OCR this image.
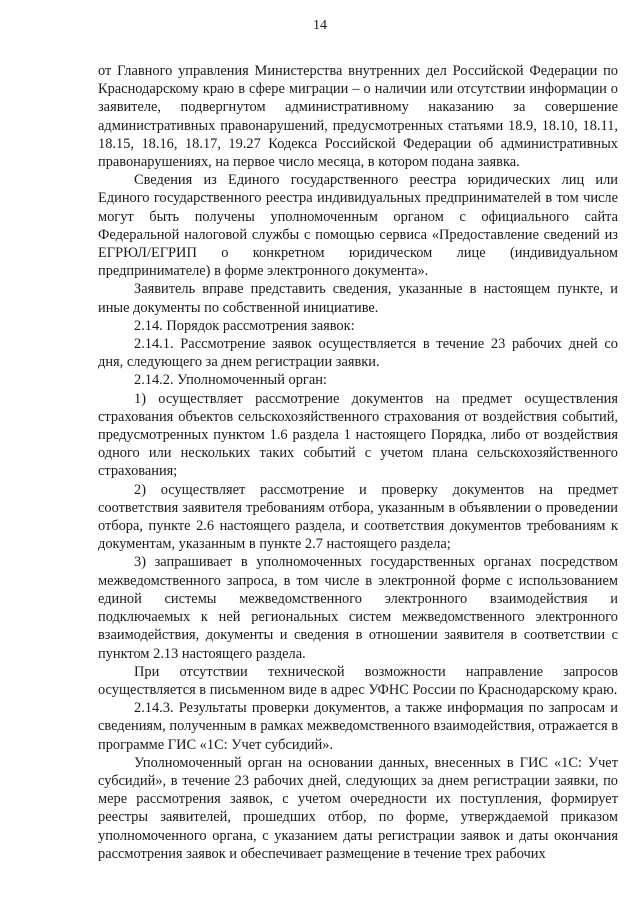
14

от Главного управления Министерства внутренних дел Российской Федерации по Краснодарскому краю в сфере миграции – о наличии или отсутствии информации о заявителе, подвергнутом административному наказанию за совершение административных правонарушений, предусмотренных статьями 18.9, 18.10, 18.11, 18.15, 18.16, 18.17, 19.27 Кодекса Российской Федерации об административных правонарушениях, на первое число месяца, в котором подана заявка.

Сведения из Единого государственного реестра юридических лиц или Единого государственного реестра индивидуальных предпринимателей в том числе могут быть получены уполномоченным органом с официального сайта Федеральной налоговой службы с помощью сервиса «Предоставление сведений из ЕГРЮЛ/ЕГРИП о конкретном юридическом лице (индивидуальном предпринимателе) в форме электронного документа».

Заявитель вправе представить сведения, указанные в настоящем пункте, и иные документы по собственной инициативе.

2.14. Порядок рассмотрения заявок:

2.14.1. Рассмотрение заявок осуществляется в течение 23 рабочих дней со дня, следующего за днем регистрации заявки.

2.14.2. Уполномоченный орган:

1) осуществляет рассмотрение документов на предмет осуществления страхования объектов сельскохозяйственного страхования от воздействия событий, предусмотренных пунктом 1.6 раздела 1 настоящего Порядка, либо от воздействия одного или нескольких таких событий с учетом плана сельскохозяйственного страхования;

2) осуществляет рассмотрение и проверку документов на предмет соответствия заявителя требованиям отбора, указанным в объявлении о проведении отбора, пункте 2.6 настоящего раздела, и соответствия документов требованиям к документам, указанным в пункте 2.7 настоящего раздела;

3) запрашивает в уполномоченных государственных органах посредством межведомственного запроса, в том числе в электронной форме с использованием единой системы межведомственного электронного взаимодействия и подключаемых к ней региональных систем межведомственного электронного взаимодействия, документы и сведения в отношении заявителя в соответствии с пунктом 2.13 настоящего раздела.

При отсутствии технической возможности направление запросов осуществляется в письменном виде в адрес УФНС России по Краснодарскому краю.

2.14.3. Результаты проверки документов, а также информация по запросам и сведениям, полученным в рамках межведомственного взаимодействия, отражается в программе ГИС «1С: Учет субсидий».

Уполномоченный орган на основании данных, внесенных в ГИС «1С: Учет субсидий», в течение 23 рабочих дней, следующих за днем регистрации заявки, по мере рассмотрения заявок, с учетом очередности их поступления, формирует реестры заявителей, прошедших отбор, по форме, утверждаемой приказом уполномоченного органа, с указанием даты регистрации заявок и даты окончания рассмотрения заявок и обеспечивает размещение в течение трех рабочих
